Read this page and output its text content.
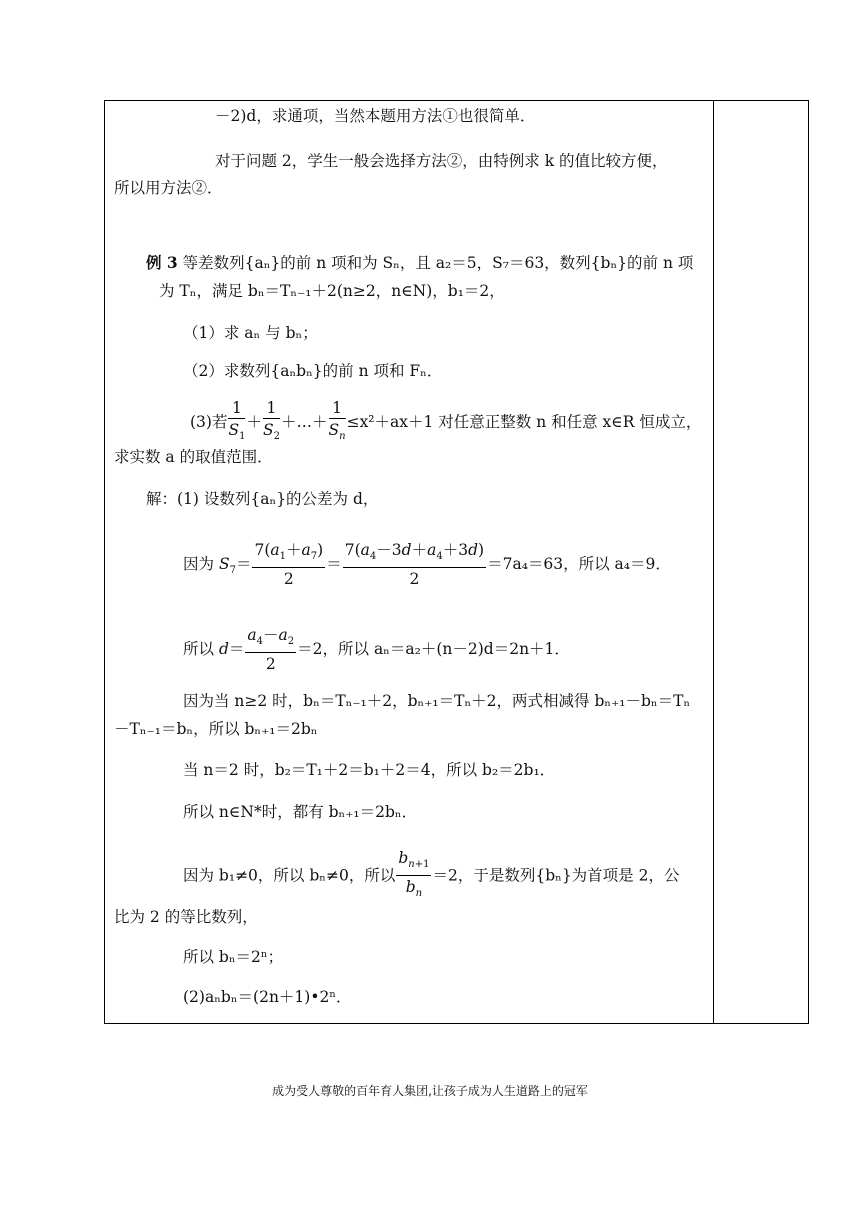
－2)d，求通项，当然本题用方法①也很简单．
对于问题 2，学生一般会选择方法②，由特例求 k 的值比较方便，
所以用方法②．
例 3 等差数列{aₙ}的前 n 项和为 Sₙ，且 a₂＝5，S₇＝63，数列{bₙ}的前 n 项
为 Tₙ，满足 bₙ＝Tₙ₋₁＋2(n≥2，n∈N)，b₁＝2，
（1）求 aₙ 与 bₙ；
（2）求数列{aₙbₙ}的前 n 项和 Fₙ．
(3)若 $\frac{1}{S_1} + \frac{1}{S_2}$ ＋…＋ $\frac{1}{S_n} \le x^2+ax+1$ 对任意正整数 n 和任意 x∈R 恒成立，
求实数 a 的取值范围．
解：(1) 设数列{aₙ}的公差为 d，
因为 $S_7= \frac{7(a_1+a_7)}{2} = \frac{7(a_4-3d+a_4+3d)}{2} =7a_4=63$，所以 a₄＝9．
所以 $d= \frac{a_4-a_2}{2} =2$，所以 aₙ＝a₂＋(n－2)d＝2n＋1．
因为当 n≥2 时，bₙ＝Tₙ₋₁＋2，bₙ₊₁＝Tₙ＋2，两式相减得 bₙ₊₁－bₙ＝Tₙ
－Tₙ₋₁＝bₙ，所以 bₙ₊₁＝2bₙ
当 n＝2 时，b₂＝T₁＋2＝b₁＋2＝4，所以 b₂＝2b₁．
所以 n∈N*时，都有 bₙ₊₁＝2bₙ．
因为 b₁≠0，所以 bₙ≠0，所以 $\frac{b_{n+1}}{b_n} =2$，于是数列{bₙ}为首项是 2，公
比为 2 的等比数列，
所以 bₙ＝2ⁿ；
(2)aₙbₙ＝(2n＋1)•2ⁿ．
成为受人尊敬的百年育人集团,让孩子成为人生道路上的冠军
